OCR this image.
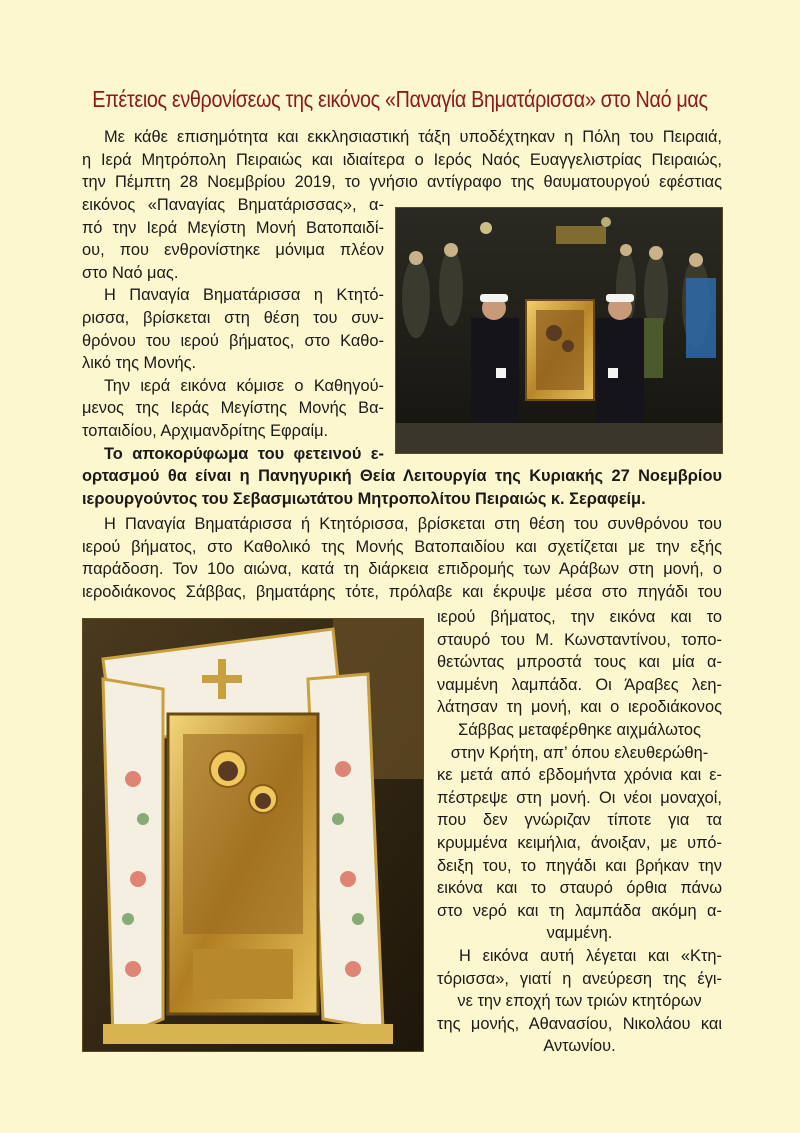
Επέτειος ενθρονίσεως της εικόνος «Παναγία Βηματάρισσα» στο Ναό μας
Με κάθε επισημότητα και εκκλησιαστική τάξη υποδέχτηκαν η Πόλη του Πειραιά,
η Ιερά Μητρόπολη Πειραιώς και ιδιαίτερα ο Ιερός Ναός Ευαγγελιστρίας Πειραιώς,
την Πέμπτη 28 Νοεμβρίου 2019, το γνήσιο αντίγραφο της θαυματουργού εφέστιας
εικόνος «Παναγίας Βηματάρισσας», α-
πό την Ιερά Μεγίστη Μονή Βατοπαιδί-
ου, που ενθρονίστηκε μόνιμα πλέον
στο Ναό μας.
Η Παναγία Βηματάρισσα η Κτητό-
ρισσα, βρίσκεται στη θέση του συν-
θρόνου του ιερού βήματος, στο Καθο-
λικό της Μονής.
Την ιερά εικόνα κόμισε ο Καθηγού-
μενος της Ιεράς Μεγίστης Μονής Βα-
τοπαιδίου, Αρχιμανδρίτης Εφραίμ.
Το αποκορύφωμα του φετεινού ε-
ορτασμού θα είναι η Πανηγυρική Θεία Λειτουργία της Κυριακής 27 Νοεμβρίου
ιερουργούντος του Σεβασμιωτάτου Μητροπολίτου Πειραιώς κ. Σεραφείμ.
Η Παναγία Βηματάρισσα ή Κτητόρισσα, βρίσκεται στη θέση του συνθρόνου του
ιερού βήματος, στο Καθολικό της Μονής Βατοπαιδίου και σχετίζεται με την εξής
παράδοση. Τον 10ο αιώνα, κατά τη διάρκεια επιδρομής των Αράβων στη μονή, ο
ιεροδιάκονος Σάββας, βηματάρης τότε, πρόλαβε και έκρυψε μέσα στο πηγάδι του
ιερού βήματος, την εικόνα και το
σταυρό του Μ. Κωνσταντίνου, τοπο-
θετώντας μπροστά τους και μία α-
ναμμένη λαμπάδα. Οι Άραβες λεη-
λάτησαν τη μονή, και ο ιεροδιάκονος
Σάββας μεταφέρθηκε αιχμάλωτος
στην Κρήτη, απ’ όπου ελευθερώθη-
κε μετά από εβδομήντα χρόνια και ε-
πέστρεψε στη μονή. Οι νέοι μοναχοί,
που δεν γνώριζαν τίποτε για τα
κρυμμένα κειμήλια, άνοιξαν, με υπό-
δειξη του, το πηγάδι και βρήκαν την
εικόνα και το σταυρό όρθια πάνω
στο νερό και τη λαμπάδα ακόμη α-
ναμμένη.
Η εικόνα αυτή λέγεται και «Κτη-
τόρισσα», γιατί η ανεύρεση της έγι-
νε την εποχή των τριών κτητόρων
της μονής, Αθανασίου, Νικολάου και
Αντωνίου.
